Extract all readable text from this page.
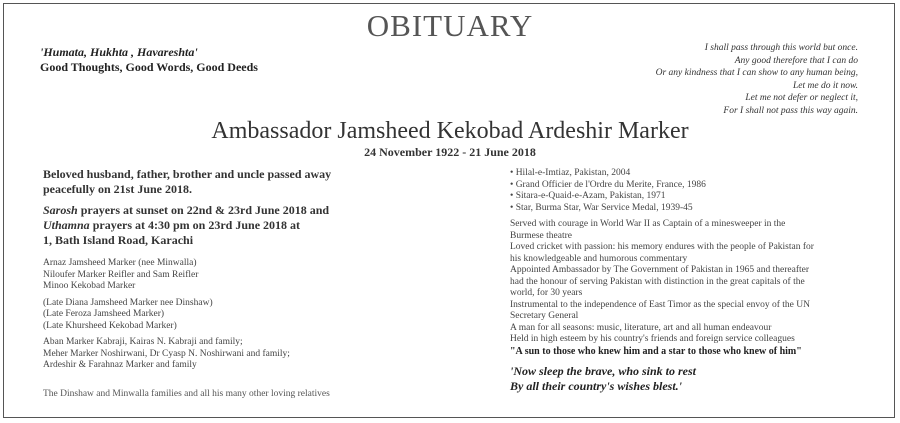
OBITUARY
'Humata, Hukhta , Havareshta'
Good Thoughts, Good Words, Good Deeds
I shall pass through this world but once.
Any good therefore that I can do
Or any kindness that I can show to any human being,
Let me do it now.
Let me not defer or neglect it,
For I shall not pass this way again.
Ambassador Jamsheed Kekobad Ardeshir Marker
24 November 1922 - 21 June 2018
Beloved husband, father, brother and uncle passed away
peacefully on 21st June 2018.
Sarosh prayers at sunset on 22nd & 23rd June 2018 and
Uthamna prayers at 4:30 pm on 23rd June 2018 at
1, Bath Island Road, Karachi
Arnaz Jamsheed Marker (nee Minwalla)
Niloufer Marker Reifler and Sam Reifler
Minoo Kekobad Marker
(Late Diana Jamsheed Marker nee Dinshaw)
(Late Feroza Jamsheed Marker)
(Late Khursheed Kekobad Marker)
Aban Marker Kabraji, Kairas N. Kabraji and family;
Meher Marker Noshirwani, Dr Cyasp N. Noshirwani and family;
Ardeshir & Farahnaz Marker and family
The Dinshaw and Minwalla families and all his many other loving relatives
• Hilal-e-Imtiaz, Pakistan, 2004
• Grand Officier de l'Ordre du Merite, France, 1986
• Sitara-e-Quaid-e-Azam, Pakistan, 1971
• Star, Burma Star, War Service Medal, 1939-45
Served with courage in World War II as Captain of a minesweeper in the
Burmese theatre
Loved cricket with passion: his memory endures with the people of Pakistan for
his knowledgeable and humorous commentary
Appointed Ambassador by The Government of Pakistan in 1965 and thereafter
had the honour of serving Pakistan with distinction in the great capitals of the
world, for 30 years
Instrumental to the independence of East Timor as the special envoy of the UN
Secretary General
A man for all seasons: music, literature, art and all human endeavour
Held in high esteem by his country's friends and foreign service colleagues
"A sun to those who knew him and a star to those who knew of him"
'Now sleep the brave, who sink to rest
By all their country's wishes blest.'
